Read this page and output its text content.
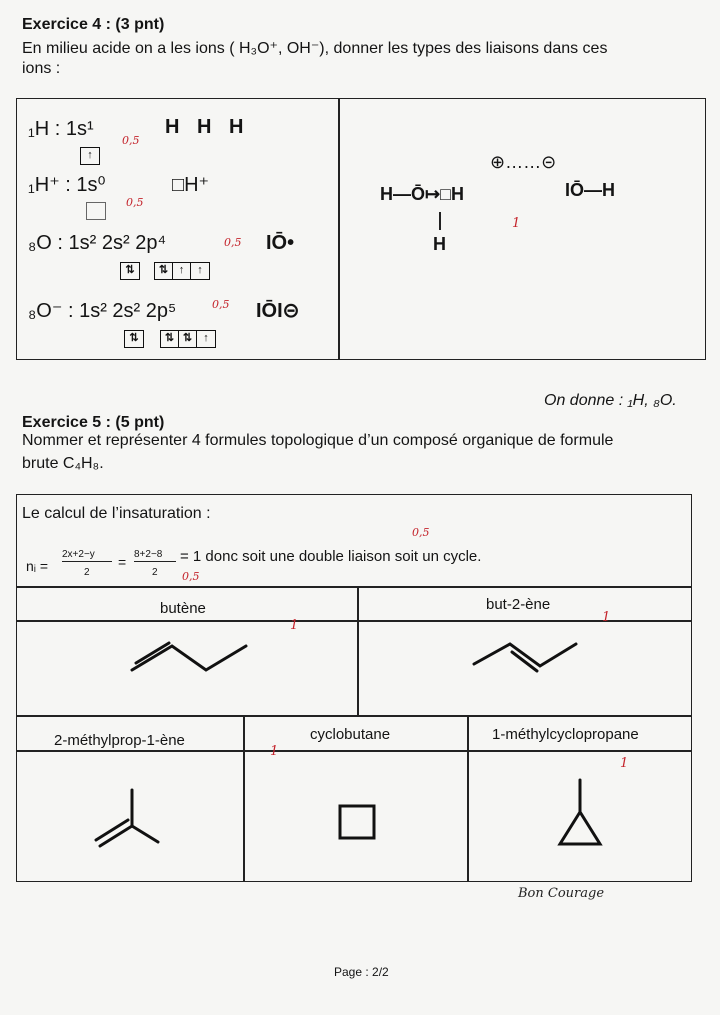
Exercice 4 : (3 pnt)
En milieu acide on a les ions ( H₃O⁺, OH⁻), donner les types des liaisons dans ces
ions :
₁H : 1s¹
↑
0,5
H H H
₁H⁺ : 1s⁰
0,5
□H⁺
₈O : 1s² 2s² 2p⁴
⇅	⇅ ↑	↑
0,5 IŌ•
₈O⁻ : 1s² 2s² 2p⁵
⇅	⇅ ⇅	↑
0,5 IŌI⊝
⊕……⊝
H—Ō↦□H
H
1
IŌ—H
On donne : ₁H, ₈O.
Exercice 5 : (5 pnt)
Nommer et représenter 4 formules topologique d’un composé organique de formule
brute C₄H₈.
Le calcul de l’insaturation :
0,5
nᵢ =
2x+2−y
2
= 8+2−8
2
= 1 donc soit une double liaison soit un cycle.
0,5
butène
1
but-2-ène
1
2-méthylprop-1-ène
1
cyclobutane	1-méthylcyclopropane
1
Bon Courage
Page : 2/2
